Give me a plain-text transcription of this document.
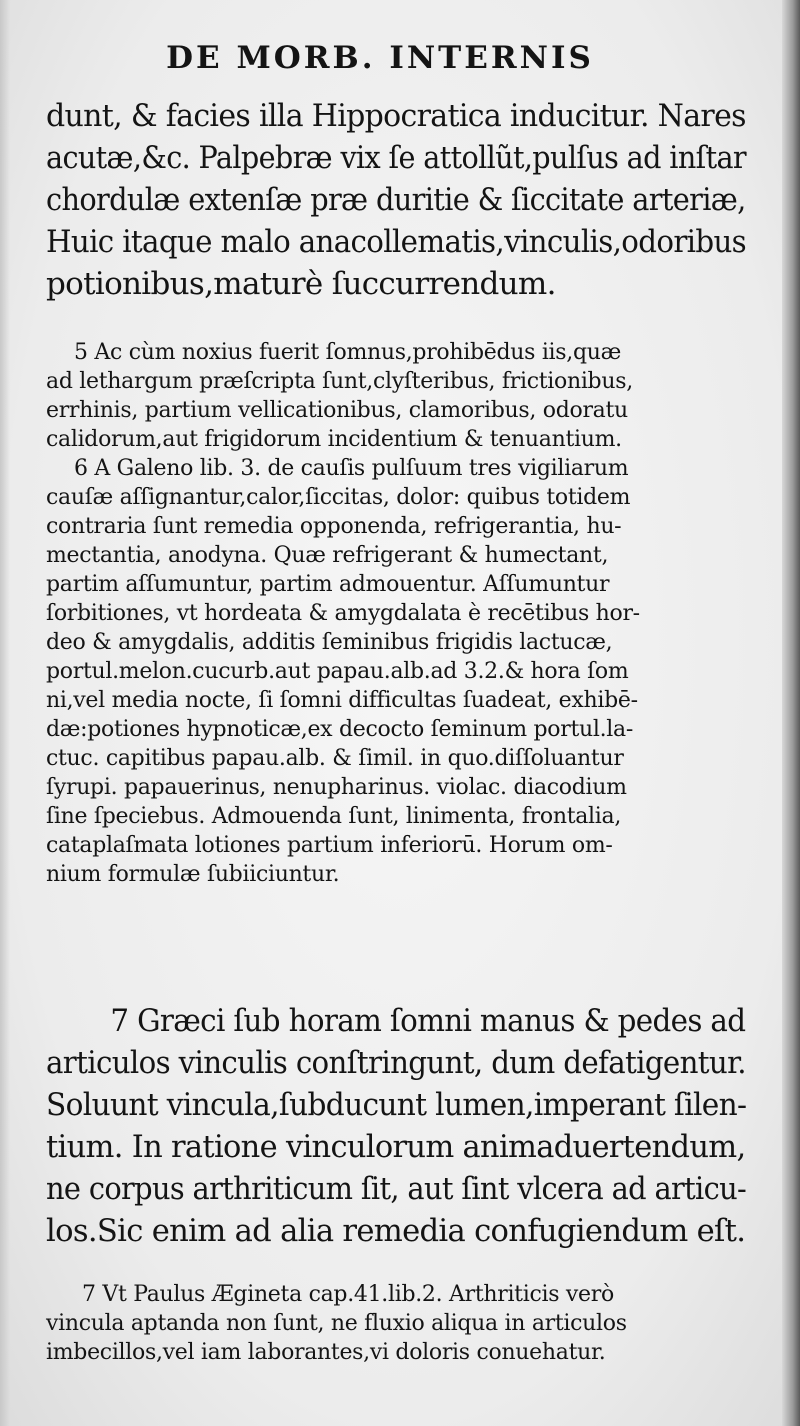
DE MORB. INTERNIS
dunt, & facies illa Hippocratica inducitur. Nares
acutæ,&c. Palpebræ vix ſe attollũt,pulſus ad inſtar
chordulæ extenſæ præ duritie & ſiccitate arteriæ,
Huic itaque malo anacollematis,vinculis,odoribus
potionibus,maturè ſuccurrendum.
5 Ac cùm noxius fuerit ſomnus,prohibēdus iis,quæ
ad lethargum præſcripta ſunt,clyſteribus, frictionibus,
errhinis, partium vellicationibus, clamoribus, odoratu
calidorum,aut frigidorum incidentium & tenuantium.
6 A Galeno lib. 3. de cauſis pulſuum tres vigiliarum
cauſæ aſſignantur,calor,ſiccitas, dolor: quibus totidem
contraria ſunt remedia opponenda, refrigerantia, hu-
mectantia, anodyna. Quæ refrigerant & humectant,
partim aſſumuntur, partim admouentur. Aſſumuntur
ſorbitiones, vt hordeata & amygdalata è recētibus hor-
deo & amygdalis, additis ſeminibus frigidis lactucæ,
portul.melon.cucurb.aut papau.alb.ad 3.2.& hora ſom
ni,vel media nocte, ſi ſomni difficultas ſuadeat, exhibē-
dæ:potiones hypnoticæ,ex decocto ſeminum portul.la-
ctuc. capitibus papau.alb. & ſimil. in quo.diſſoluantur
ſyrupi. papauerinus, nenupharinus. violac. diacodium
ſine ſpeciebus. Admouenda ſunt, linimenta, frontalia,
cataplaſmata lotiones partium inferiorū. Horum om-
nium formulæ ſubiiciuntur.
7 Græci ſub horam ſomni manus & pedes ad
articulos vinculis conſtringunt, dum defatigentur.
Soluunt vincula,ſubducunt lumen,imperant ſilen-
tium. In ratione vinculorum animaduertendum,
ne corpus arthriticum ſit, aut ſint vlcera ad articu-
los.Sic enim ad alia remedia confugiendum eſt.
7 Vt Paulus Ægineta cap.41.lib.2. Arthriticis verò
vincula aptanda non ſunt, ne fluxio aliqua in articulos
imbecillos,vel iam laborantes,vi doloris conuehatur.
